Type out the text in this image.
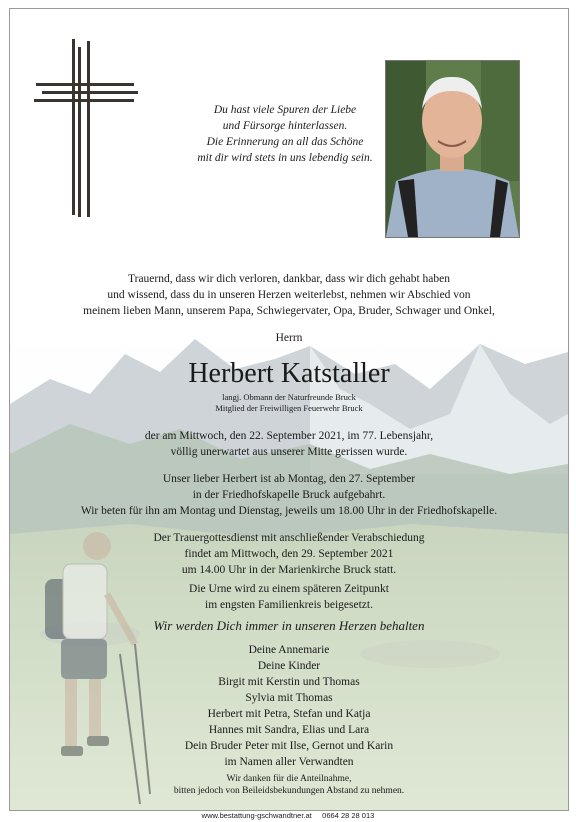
Du hast viele Spuren der Liebe
und Fürsorge hinterlassen.
Die Erinnerung an all das Schöne
mit dir wird stets in uns lebendig sein.
Trauernd, dass wir dich verloren, dankbar, dass wir dich gehabt haben
und wissend, dass du in unseren Herzen weiterlebst, nehmen wir Abschied von
meinem lieben Mann, unserem Papa, Schwiegervater, Opa, Bruder, Schwager und Onkel,
Herrn
Herbert Katstaller
langj. Obmann der Naturfreunde Bruck
Mitglied der Freiwilligen Feuerwehr Bruck
der am Mittwoch, den 22. September 2021, im 77. Lebensjahr,
völlig unerwartet aus unserer Mitte gerissen wurde.
Unser lieber Herbert ist ab Montag, den 27. September
in der Friedhofskapelle Bruck aufgebahrt.
Wir beten für ihn am Montag und Dienstag, jeweils um 18.00 Uhr in der Friedhofskapelle.
Der Trauergottesdienst mit anschließender Verabschiedung
findet am Mittwoch, den 29. September 2021
um 14.00 Uhr in der Marienkirche Bruck statt.
Die Urne wird zu einem späteren Zeitpunkt
im engsten Familienkreis beigesetzt.
Wir werden Dich immer in unseren Herzen behalten
Deine Annemarie
Deine Kinder
Birgit mit Kerstin und Thomas
Sylvia mit Thomas
Herbert mit Petra, Stefan und Katja
Hannes mit Sandra, Elias und Lara
Dein Bruder Peter mit Ilse, Gernot und Karin
im Namen aller Verwandten
Wir danken für die Anteilnahme,
bitten jedoch von Beileidsbekundungen Abstand zu nehmen.
www.bestattung-gschwandtner.at 0664 28 28 013
